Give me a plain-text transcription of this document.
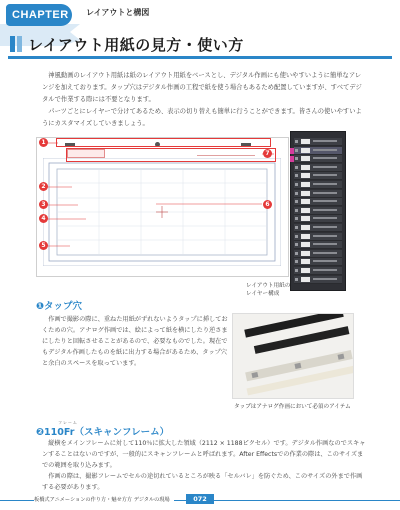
CHAPTER 3 レイアウトと構図
レイアウト用紙の見方・使い方
神風動画のレイアウト用紙は紙のレイアウト用紙をベースとし、デジタル作画にも使いやすいように簡単なアレンジを加えております。タップ穴はデジタル作画の工程で紙を使う場合もあるため配置していますが、すべてデジタルで作業する際には不要となります。
パーツごとにレイヤーで分けてあるため、表示の切り替えも簡単に行うことができます。皆さんの使いやすいようにカスタマイズしていきましょう。
1
7
2
3
4
6
5
レイアウト用紙の
レイヤー構成
❶タップ穴
作画で撮影の際に、重ねた用紙がずれないようタップに挿しておくための穴。アナログ作画では、絵によって紙を横にしたり逆さまにしたりと回転させることがあるので、必要なものでした。現在でもデジタル作画したものを紙に出力する場合があるため、タップ穴と余白のスペースを取っています。
タップはアナログ作画において必須のアイテム
フレーム
❷110Fr（スキャンフレーム）
縦横をメインフレームに対して110％に拡大した領域（2112 × 1188ピクセル）です。デジタル作画なのでスキャンすることはないのですが、一般的にスキャンフレームと呼ばれます。After Effectsでの作業の際は、このサイズまでの範囲を取り込みます。
作画の際は、撮影フレームでセルの途切れているところが映る「セルバレ」を防ぐため、このサイズの外まで作画する必要があります。
板橋式アニメーションの作り方・魅せ方方 デジタルの現場	072
